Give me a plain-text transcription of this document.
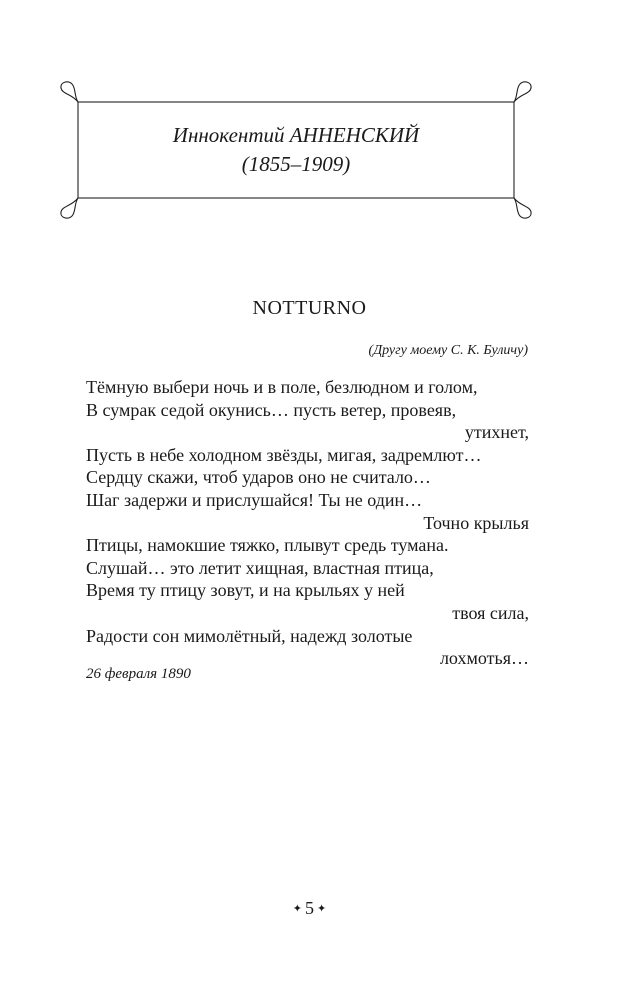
Иннокентий АННЕНСКИЙ
(1855–1909)
NOTTURNO
(Другу моему С. К. Буличу)
Тёмную выбери ночь и в поле, безлюдном и голом,
В сумрак седой окунись… пусть ветер, провеяв,
утихнет,
Пусть в небе холодном звёзды, мигая, задремлют…
Сердцу скажи, чтоб ударов оно не считало…
Шаг задержи и прислушайся! Ты не один…
Точно крылья
Птицы, намокшие тяжко, плывут средь тумана.
Слушай… это летит хищная, властная птица,
Время ту птицу зовут, и на крыльях у ней
твоя сила,
Радости сон мимолётный, надежд золотые
лохмотья…
26 февраля 1890
✦ 5 ✦
